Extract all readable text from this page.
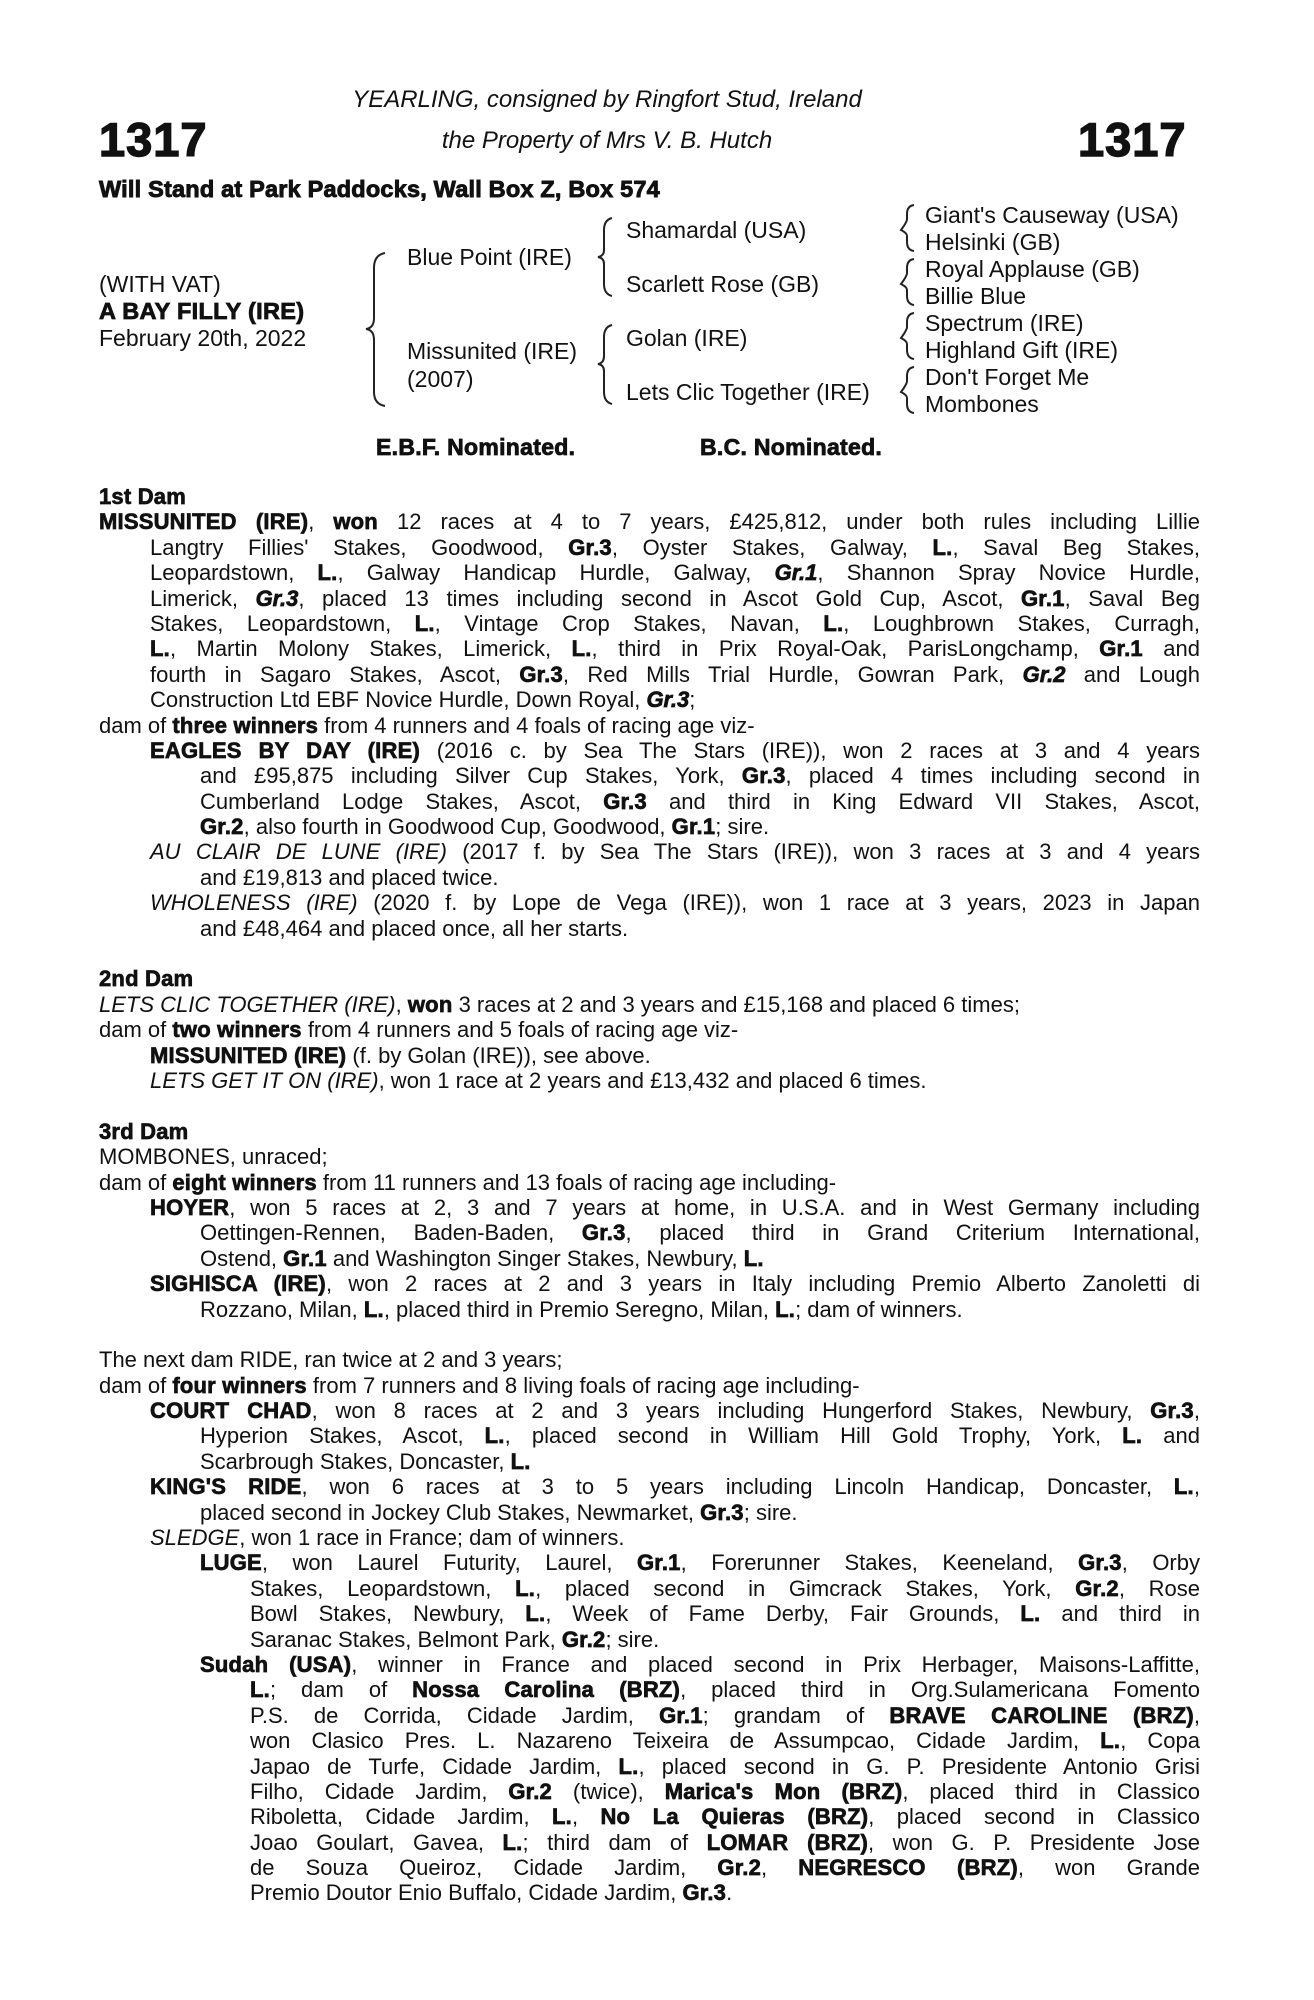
1317	1317
YEARLING, consigned by Ringfort Stud, Ireland
the Property of Mrs V. B. Hutch
Will Stand at Park Paddocks, Wall Box Z, Box 574
(WITH VAT)
A BAY FILLY (IRE)
February 20th, 2022
Blue Point (IRE)
Missunited (IRE)
(2007)
Shamardal (USA)
Scarlett Rose (GB)
Golan (IRE)
Lets Clic Together (IRE)
Giant's Causeway (USA)
Helsinki (GB)
Royal Applause (GB)
Billie Blue
Spectrum (IRE)
Highland Gift (IRE)
Don't Forget Me
Mombones
E.B.F. Nominated.	B.C. Nominated.
1st Dam
MISSUNITED (IRE), won 12 races at 4 to 7 years, £425,812, under both rules including Lillie
Langtry Fillies' Stakes, Goodwood, Gr.3, Oyster Stakes, Galway, L., Saval Beg Stakes,
Leopardstown, L., Galway Handicap Hurdle, Galway, Gr.1, Shannon Spray Novice Hurdle,
Limerick, Gr.3, placed 13 times including second in Ascot Gold Cup, Ascot, Gr.1, Saval Beg
Stakes, Leopardstown, L., Vintage Crop Stakes, Navan, L., Loughbrown Stakes, Curragh,
L., Martin Molony Stakes, Limerick, L., third in Prix Royal-Oak, ParisLongchamp, Gr.1 and
fourth in Sagaro Stakes, Ascot, Gr.3, Red Mills Trial Hurdle, Gowran Park, Gr.2 and Lough
Construction Ltd EBF Novice Hurdle, Down Royal, Gr.3;
dam of three winners from 4 runners and 4 foals of racing age viz-
EAGLES BY DAY (IRE) (2016 c. by Sea The Stars (IRE)), won 2 races at 3 and 4 years
and £95,875 including Silver Cup Stakes, York, Gr.3, placed 4 times including second in
Cumberland Lodge Stakes, Ascot, Gr.3 and third in King Edward VII Stakes, Ascot,
Gr.2, also fourth in Goodwood Cup, Goodwood, Gr.1; sire.
AU CLAIR DE LUNE (IRE) (2017 f. by Sea The Stars (IRE)), won 3 races at 3 and 4 years
and £19,813 and placed twice.
WHOLENESS (IRE) (2020 f. by Lope de Vega (IRE)), won 1 race at 3 years, 2023 in Japan
and £48,464 and placed once, all her starts.
2nd Dam
LETS CLIC TOGETHER (IRE), won 3 races at 2 and 3 years and £15,168 and placed 6 times;
dam of two winners from 4 runners and 5 foals of racing age viz-
MISSUNITED (IRE) (f. by Golan (IRE)), see above.
LETS GET IT ON (IRE), won 1 race at 2 years and £13,432 and placed 6 times.
3rd Dam
MOMBONES, unraced;
dam of eight winners from 11 runners and 13 foals of racing age including-
HOYER, won 5 races at 2, 3 and 7 years at home, in U.S.A. and in West Germany including
Oettingen-Rennen, Baden-Baden, Gr.3, placed third in Grand Criterium International,
Ostend, Gr.1 and Washington Singer Stakes, Newbury, L.
SIGHISCA (IRE), won 2 races at 2 and 3 years in Italy including Premio Alberto Zanoletti di
Rozzano, Milan, L., placed third in Premio Seregno, Milan, L.; dam of winners.
The next dam RIDE, ran twice at 2 and 3 years;
dam of four winners from 7 runners and 8 living foals of racing age including-
COURT CHAD, won 8 races at 2 and 3 years including Hungerford Stakes, Newbury, Gr.3,
Hyperion Stakes, Ascot, L., placed second in William Hill Gold Trophy, York, L. and
Scarbrough Stakes, Doncaster, L.
KING'S RIDE, won 6 races at 3 to 5 years including Lincoln Handicap, Doncaster, L.,
placed second in Jockey Club Stakes, Newmarket, Gr.3; sire.
SLEDGE, won 1 race in France; dam of winners.
LUGE, won Laurel Futurity, Laurel, Gr.1, Forerunner Stakes, Keeneland, Gr.3, Orby
Stakes, Leopardstown, L., placed second in Gimcrack Stakes, York, Gr.2, Rose
Bowl Stakes, Newbury, L., Week of Fame Derby, Fair Grounds, L. and third in
Saranac Stakes, Belmont Park, Gr.2; sire.
Sudah (USA), winner in France and placed second in Prix Herbager, Maisons-Laffitte,
L.; dam of Nossa Carolina (BRZ), placed third in Org.Sulamericana Fomento
P.S. de Corrida, Cidade Jardim, Gr.1; grandam of BRAVE CAROLINE (BRZ),
won Clasico Pres. L. Nazareno Teixeira de Assumpcao, Cidade Jardim, L., Copa
Japao de Turfe, Cidade Jardim, L., placed second in G. P. Presidente Antonio Grisi
Filho, Cidade Jardim, Gr.2 (twice), Marica's Mon (BRZ), placed third in Classico
Riboletta, Cidade Jardim, L., No La Quieras (BRZ), placed second in Classico
Joao Goulart, Gavea, L.; third dam of LOMAR (BRZ), won G. P. Presidente Jose
de Souza Queiroz, Cidade Jardim, Gr.2, NEGRESCO (BRZ), won Grande
Premio Doutor Enio Buffalo, Cidade Jardim, Gr.3.
